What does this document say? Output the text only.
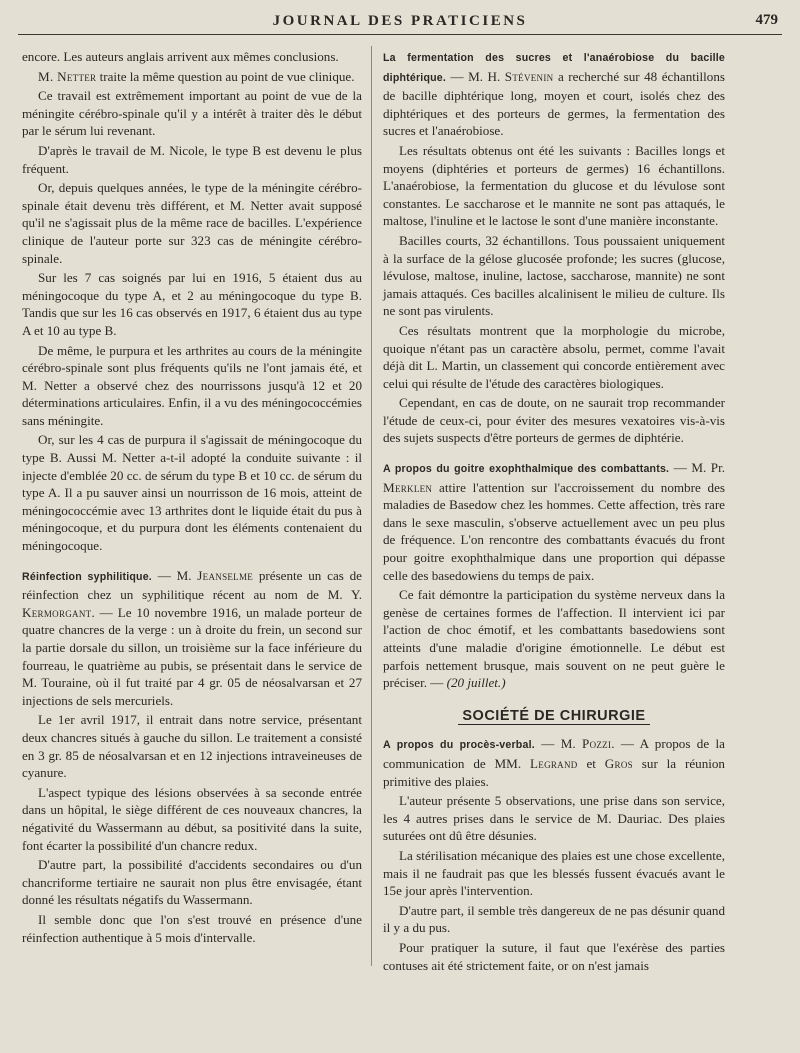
JOURNAL DES PRATICIENS	479

encore. Les auteurs anglais arrivent aux mêmes conclusions.

M. Netter traite la même question au point de vue clinique.

Ce travail est extrêmement important au point de vue de la méningite cérébro-spinale qu'il y a intérêt à traiter dès le début par le sérum lui revenant.

D'après le travail de M. Nicole, le type B est devenu le plus fréquent.

Or, depuis quelques années, le type de la méningite cérébro-spinale était devenu très différent, et M. Netter avait supposé qu'il ne s'agissait plus de la même race de bacilles. L'expérience clinique de l'auteur porte sur 323 cas de méningite cérébro-spinale.

Sur les 7 cas soignés par lui en 1916, 5 étaient dus au méningocoque du type A, et 2 au méningocoque du type B. Tandis que sur les 16 cas observés en 1917, 6 étaient dus au type A et 10 au type B.

De même, le purpura et les arthrites au cours de la méningite cérébro-spinale sont plus fréquents qu'ils ne l'ont jamais été, et M. Netter a observé chez des nourrissons jusqu'à 12 et 20 déterminations articulaires. Enfin, il a vu des méningococcémies sans méningite.

Or, sur les 4 cas de purpura il s'agissait de méningocoque du type B. Aussi M. Netter a-t-il adopté la conduite suivante : il injecte d'emblée 20 cc. de sérum du type B et 10 cc. de sérum du type A. Il a pu sauver ainsi un nourrisson de 16 mois, atteint de méningococcémie avec 13 arthrites dont le liquide était du pus à méningocoque, et du purpura dont les éléments contenaient du méningocoque.

Réinfection syphilitique. — M. Jeanselme présente un cas de réinfection chez un syphilitique récent au nom de M. Y. Kermorgant. — Le 10 novembre 1916, un malade porteur de quatre chancres de la verge : un à droite du frein, un second sur la partie dorsale du sillon, un troisième sur la face inférieure du fourreau, le quatrième au pubis, se présentait dans le service de M. Touraine, où il fut traité par 4 gr. 05 de néosalvarsan et 27 injections de sels mercuriels.

Le 1er avril 1917, il entrait dans notre service, présentant deux chancres situés à gauche du sillon. Le traitement a consisté en 3 gr. 85 de néosalvarsan et en 12 injections intraveineuses de cyanure.

L'aspect typique des lésions observées à sa seconde entrée dans un hôpital, le siège différent de ces nouveaux chancres, la négativité du Wassermann au début, sa positivité dans la suite, font écarter la possibilité d'un chancre redux.

D'autre part, la possibilité d'accidents secondaires ou d'un chancriforme tertiaire ne saurait non plus être envisagée, étant donné les résultats négatifs du Wassermann.

Il semble donc que l'on s'est trouvé en présence d'une réinfection authentique à 5 mois d'intervalle.

La fermentation des sucres et l'anaérobiose du bacille diphtérique. — M. H. Stévenin a recherché sur 48 échantillons de bacille diphtérique long, moyen et court, isolés chez des diphtériques et des porteurs de germes, la fermentation des sucres et l'anaérobiose.

Les résultats obtenus ont été les suivants : Bacilles longs et moyens (diphtéries et porteurs de germes) 16 échantillons. L'anaérobiose, la fermentation du glucose et du lévulose sont constantes. Le saccharose et le mannite ne sont pas attaqués, le maltose, l'inuline et le lactose le sont d'une manière inconstante.

Bacilles courts, 32 échantillons. Tous poussaient uniquement à la surface de la gélose glucosée profonde; les sucres (glucose, lévulose, maltose, inuline, lactose, saccharose, mannite) ne sont jamais attaqués. Ces bacilles alcalinisent le milieu de culture. Ils ne sont pas virulents.

Ces résultats montrent que la morphologie du microbe, quoique n'étant pas un caractère absolu, permet, comme l'avait déjà dit L. Martin, un classement qui concorde entièrement avec celui qui résulte de l'étude des caractères biologiques.

Cependant, en cas de doute, on ne saurait trop recommander l'étude de ceux-ci, pour éviter des mesures vexatoires vis-à-vis des sujets suspects d'être porteurs de germes de diphtérie.

A propos du goitre exophthalmique des combattants. — M. Pr. Merklen attire l'attention sur l'accroissement du nombre des maladies de Basedow chez les hommes. Cette affection, très rare dans le sexe masculin, s'observe actuellement avec un peu plus de fréquence. L'on rencontre des combattants évacués du front pour goitre exophthalmique dans une proportion qui dépasse celle des basedowiens du temps de paix.

Ce fait démontre la participation du système nerveux dans la genèse de certaines formes de l'affection. Il intervient ici par l'action de choc émotif, et les combattants basedowiens sont atteints d'une maladie d'origine émotionnelle. Le début est parfois nettement brusque, mais souvent on ne peut guère le préciser. — (20 juillet.)

SOCIÉTÉ DE CHIRURGIE

A propos du procès-verbal. — M. Pozzi. — A propos de la communication de MM. Legrand et Gros sur la réunion primitive des plaies.

L'auteur présente 5 observations, une prise dans son service, les 4 autres prises dans le service de M. Dauriac. Des plaies suturées ont dû être désunies.

La stérilisation mécanique des plaies est une chose excellente, mais il ne faudrait pas que les blessés fussent évacués avant le 15e jour après l'intervention.

D'autre part, il semble très dangereux de ne pas désunir quand il y a du pus.

Pour pratiquer la suture, il faut que l'exérèse des parties contuses ait été strictement faite, or on n'est jamais
